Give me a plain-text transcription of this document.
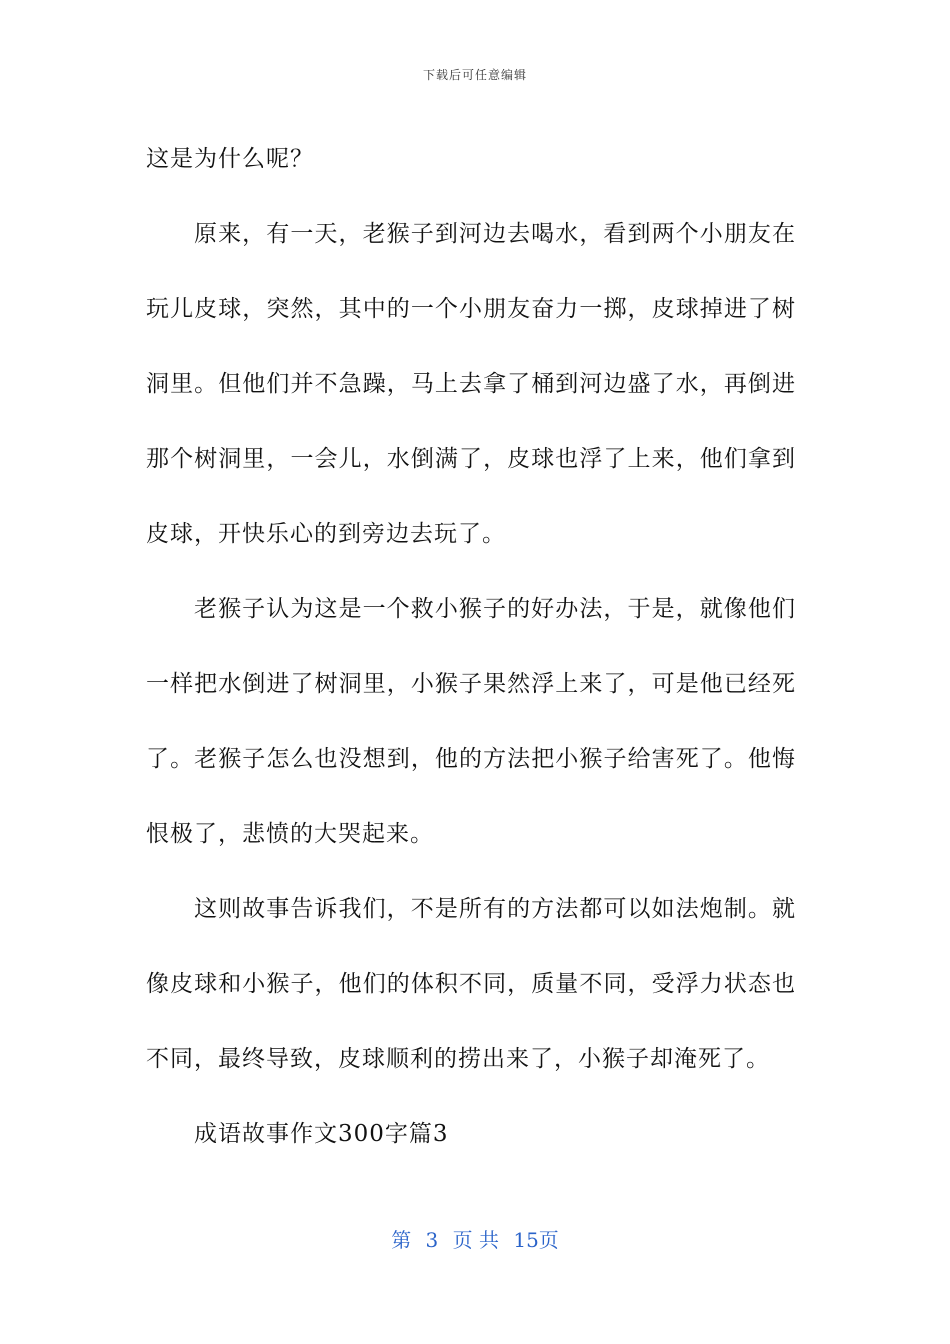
下载后可任意编辑

这是为什么呢？

原来，有一天，老猴子到河边去喝水，看到两个小朋友在玩儿皮球，突然，其中的一个小朋友奋力一掷，皮球掉进了树洞里。但他们并不急躁，马上去拿了桶到河边盛了水，再倒进那个树洞里，一会儿，水倒满了，皮球也浮了上来，他们拿到皮球，开快乐心的到旁边去玩了。

老猴子认为这是一个救小猴子的好办法，于是，就像他们一样把水倒进了树洞里，小猴子果然浮上来了，可是他已经死了。老猴子怎么也没想到，他的方法把小猴子给害死了。他悔恨极了，悲愤的大哭起来。

这则故事告诉我们，不是所有的方法都可以如法炮制。就像皮球和小猴子，他们的体积不同，质量不同，受浮力状态也不同，最终导致，皮球顺利的捞出来了，小猴子却淹死了。

成语故事作文300字篇3

第 3 页 共 15页
